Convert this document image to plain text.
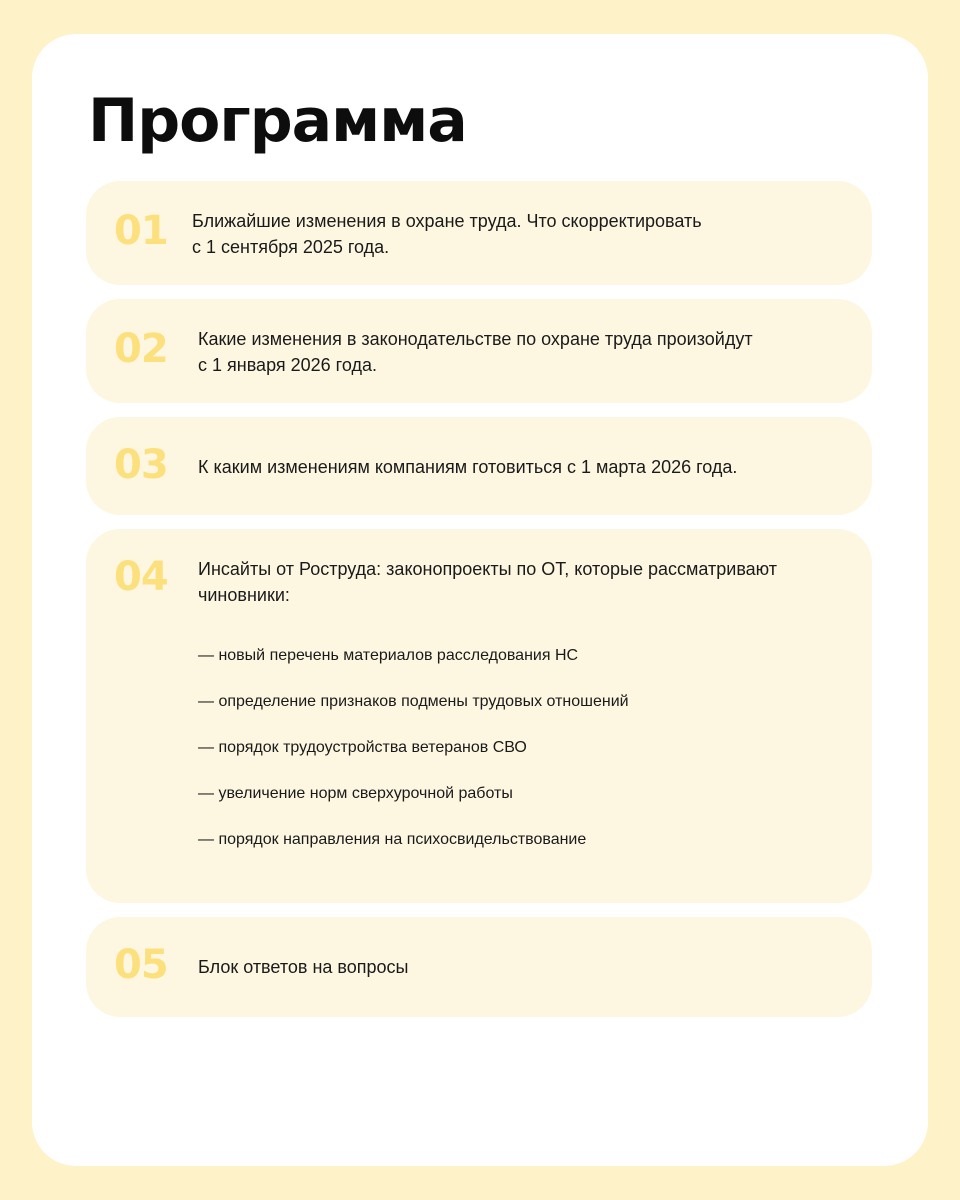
Программа
01 Ближайшие изменения в охране труда. Что скорректировать
с 1 сентября 2025 года.
02 Какие изменения в законодательстве по охране труда произойдут
с 1 января 2026 года.
03 К каким изменениям компаниям готовиться с 1 марта 2026 года.
04 Инсайты от Роструда: законопроекты по ОТ, которые рассматривают
чиновники:
— новый перечень материалов расследования НС
— определение признаков подмены трудовых отношений
— порядок трудоустройства ветеранов СВО
— увеличение норм сверхурочной работы
— порядок направления на психосвидельствование
05 Блок ответов на вопросы
